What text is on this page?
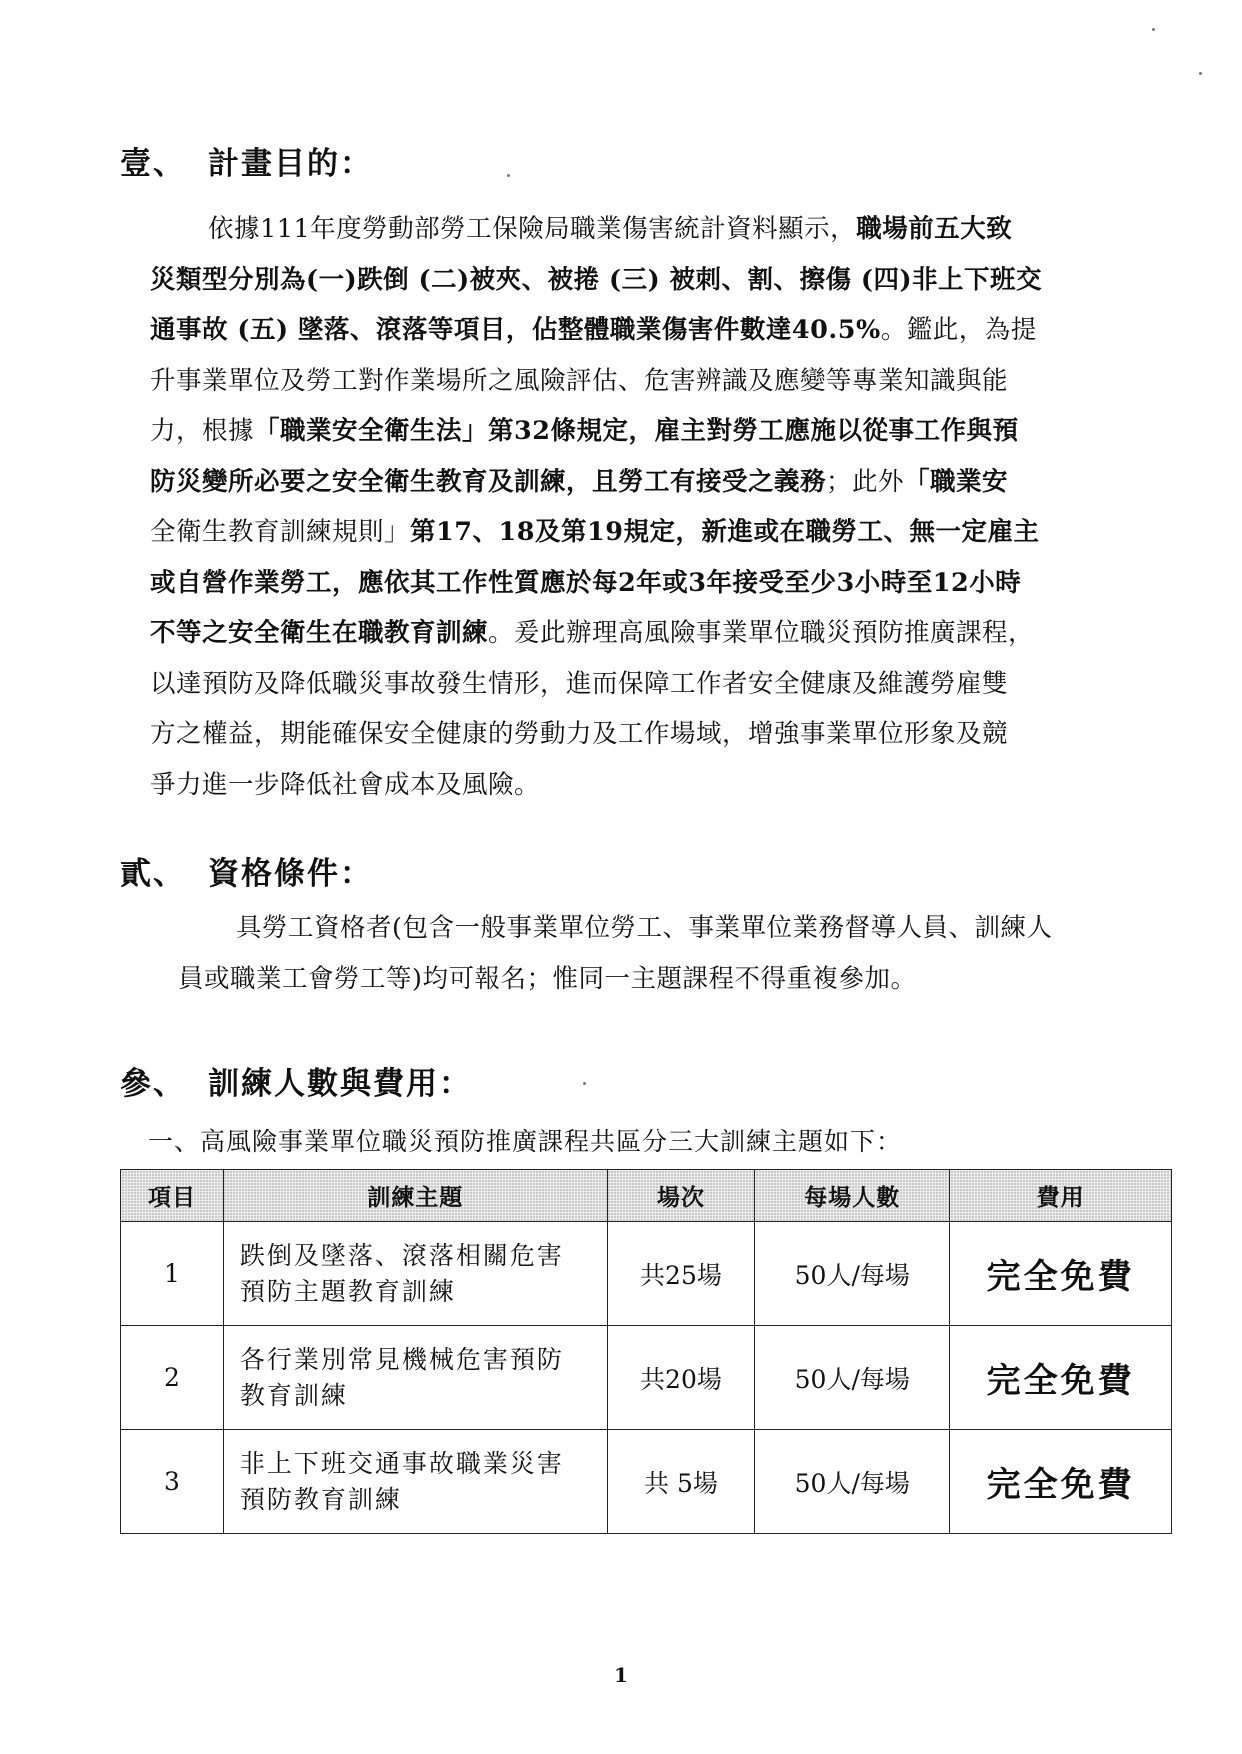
壹、 計畫目的：
依據111年度勞動部勞工保險局職業傷害統計資料顯示，職場前五大致
災類型分別為(一)跌倒 (二)被夾、被捲 (三) 被刺、割、擦傷 (四)非上下班交
通事故 (五) 墜落、滾落等項目，佔整體職業傷害件數達40.5%。鑑此，為提
升事業單位及勞工對作業場所之風險評估、危害辨識及應變等專業知識與能
力，根據「職業安全衛生法」第32條規定，雇主對勞工應施以從事工作與預
防災變所必要之安全衛生教育及訓練，且勞工有接受之義務；此外「職業安
全衛生教育訓練規則」第17、18及第19規定，新進或在職勞工、無一定雇主
或自營作業勞工，應依其工作性質應於每2年或3年接受至少3小時至12小時
不等之安全衛生在職教育訓練。爰此辦理高風險事業單位職災預防推廣課程，
以達預防及降低職災事故發生情形，進而保障工作者安全健康及維護勞雇雙
方之權益，期能確保安全健康的勞動力及工作場域，增強事業單位形象及競
爭力進一步降低社會成本及風險。
貳、 資格條件：
具勞工資格者(包含一般事業單位勞工、事業單位業務督導人員、訓練人
員或職業工會勞工等)均可報名；惟同一主題課程不得重複參加。
參、 訓練人數與費用：
一、高風險事業單位職災預防推廣課程共區分三大訓練主題如下：
項目	訓練主題	場次	每場人數	費用
1	跌倒及墜落、滾落相關危害
預防主題教育訓練	共25場	50人/每場	完全免費
2	各行業別常見機械危害預防
教育訓練	共20場	50人/每場	完全免費
3	非上下班交通事故職業災害
預防教育訓練	共 5場	50人/每場	完全免費
1
